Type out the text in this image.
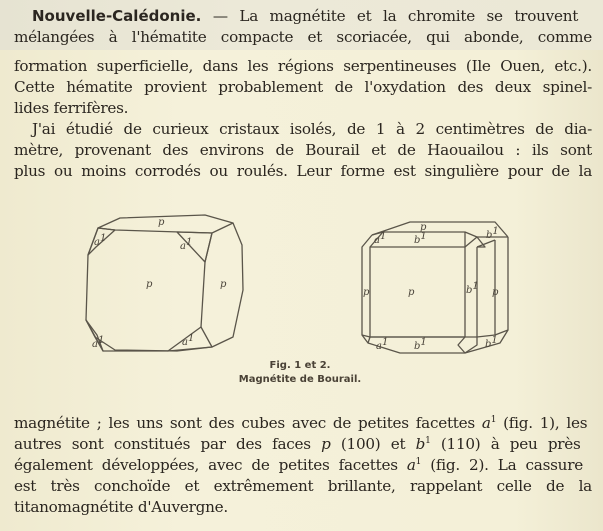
Nouvelle-Calédonie. — La magnétite et la chromite se trouvent
mélangées à l'hématite compacte et scoriacée, qui abonde, comme
formation superficielle, dans les régions serpentineuses (Ile Ouen, etc.).
Cette hématite provient probablement de l'oxydation des deux spinel-
lides ferrifères.
J'ai étudié de curieux cristaux isolés, de 1 à 2 centimètres de dia-
mètre, provenant des environs de Bourail et de Haouailou : ils sont
plus ou moins corrodés ou roulés. Leur forme est singulière pour de la
p
p	p
a1
a1
a1	a1
p
p
p	p
b1
b1	b1
b1	b1
a1
a1
Fig. 1 et 2.
Magnétite de Bourail.
magnétite ; les uns sont des cubes avec de petites facettes $a^1$ (fig. 1), les
autres sont constitués par des faces p (100) et $b^1$ (110) à peu près
également développées, avec de petites facettes $a^1$ (fig. 2). La cassure
est très conchoïde et extrêmement brillante, rappelant celle de la
titanomagnétite d'Auvergne.
